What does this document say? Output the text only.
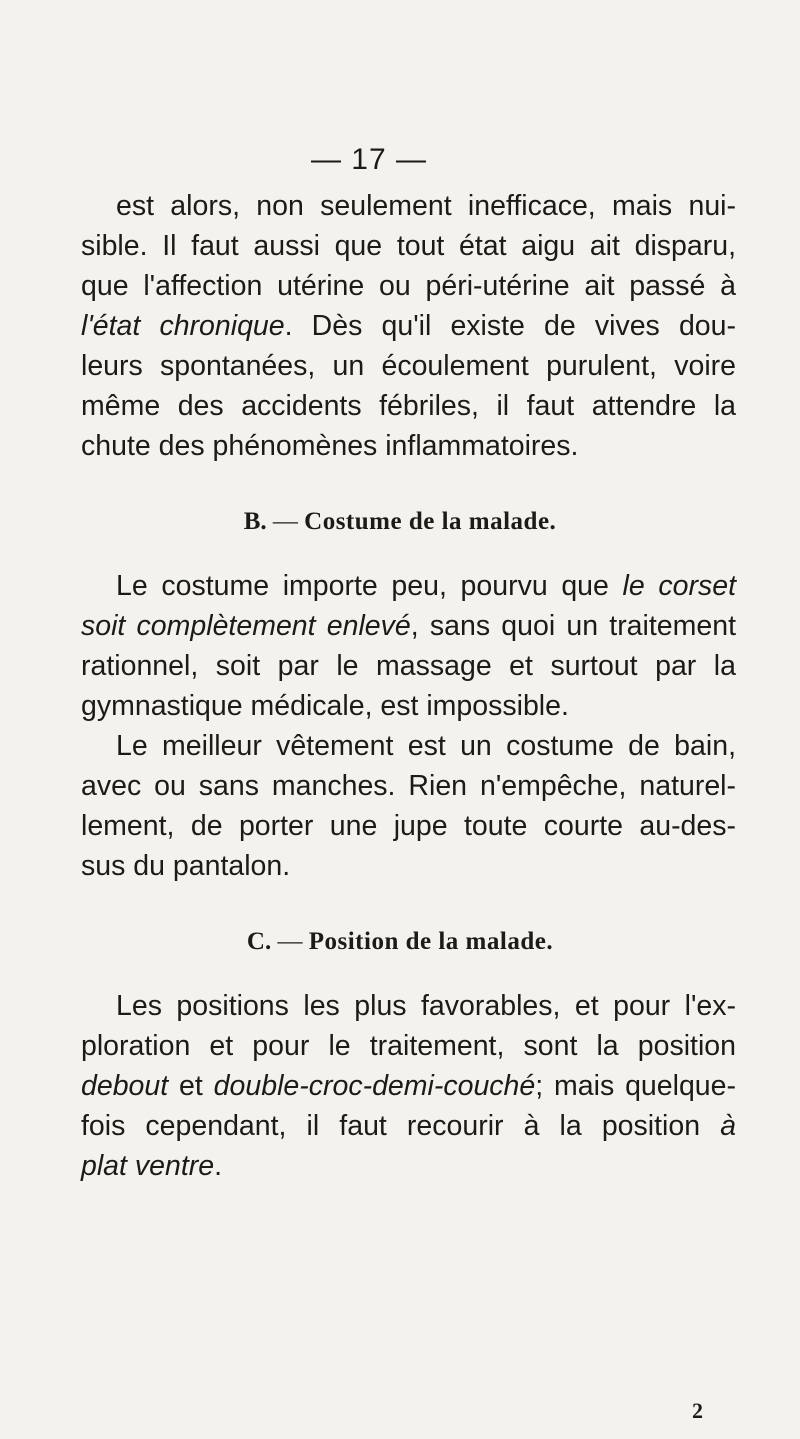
— 17 —
est alors, non seulement inefficace, mais nui-
sible. Il faut aussi que tout état aigu ait disparu,
que l'affection utérine ou péri-utérine ait passé à
l'état chronique. Dès qu'il existe de vives dou-
leurs spontanées, un écoulement purulent, voire
même des accidents fébriles, il faut attendre la
chute des phénomènes inflammatoires.
B. — Costume de la malade.
Le costume importe peu, pourvu que le corset
soit complètement enlevé, sans quoi un traitement
rationnel, soit par le massage et surtout par la
gymnastique médicale, est impossible.
Le meilleur vêtement est un costume de bain,
avec ou sans manches. Rien n'empêche, naturel-
lement, de porter une jupe toute courte au-des-
sus du pantalon.
C. — Position de la malade.
Les positions les plus favorables, et pour l'ex-
ploration et pour le traitement, sont la position
debout et double-croc-demi-couché; mais quelque-
fois cependant, il faut recourir à la position à
plat ventre.
2
